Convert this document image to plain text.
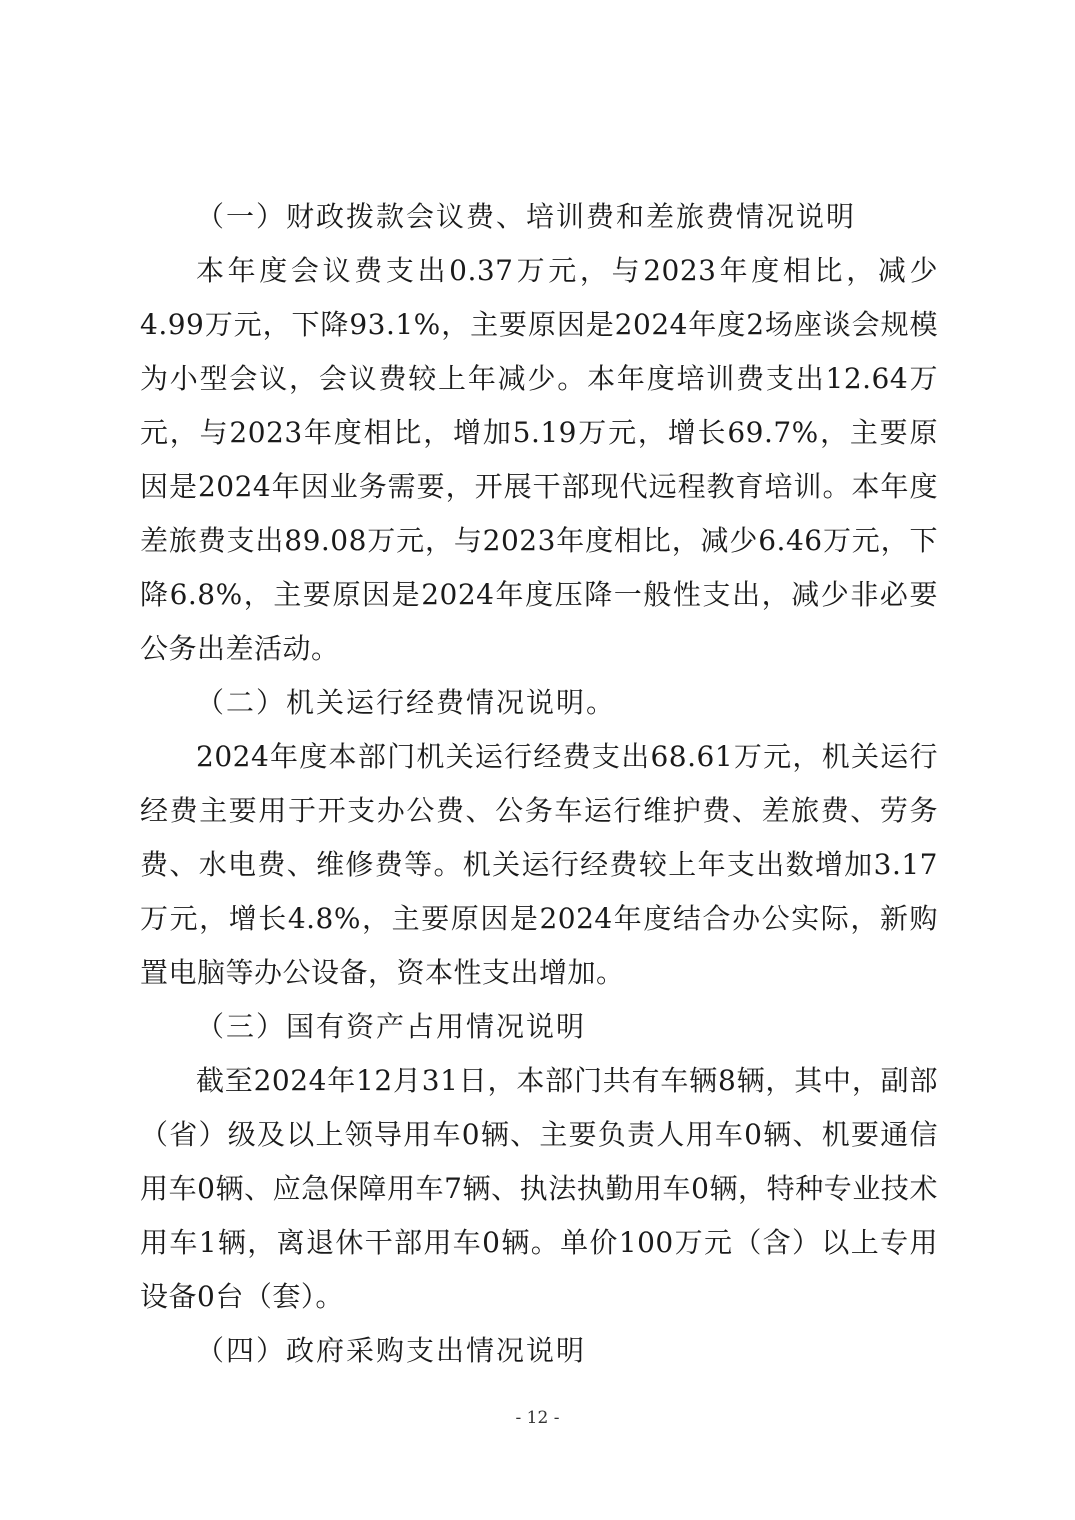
（一）财政拨款会议费、培训费和差旅费情况说明

本年度会议费支出0.37万元，与2023年度相比，减少4.99万元，下降93.1%，主要原因是2024年度2场座谈会规模为小型会议，会议费较上年减少。本年度培训费支出12.64万元，与2023年度相比，增加5.19万元，增长69.7%，主要原因是2024年因业务需要，开展干部现代远程教育培训。本年度差旅费支出89.08万元，与2023年度相比，减少6.46万元，下降6.8%，主要原因是2024年度压降一般性支出，减少非必要公务出差活动。

（二）机关运行经费情况说明。

2024年度本部门机关运行经费支出68.61万元，机关运行经费主要用于开支办公费、公务车运行维护费、差旅费、劳务费、水电费、维修费等。机关运行经费较上年支出数增加3.17万元，增长4.8%，主要原因是2024年度结合办公实际，新购置电脑等办公设备，资本性支出增加。

（三）国有资产占用情况说明

截至2024年12月31日，本部门共有车辆8辆，其中，副部（省）级及以上领导用车0辆、主要负责人用车0辆、机要通信用车0辆、应急保障用车7辆、执法执勤用车0辆，特种专业技术用车1辆，离退休干部用车0辆。单价100万元（含）以上专用设备0台（套）。

（四）政府采购支出情况说明

- 12 -
